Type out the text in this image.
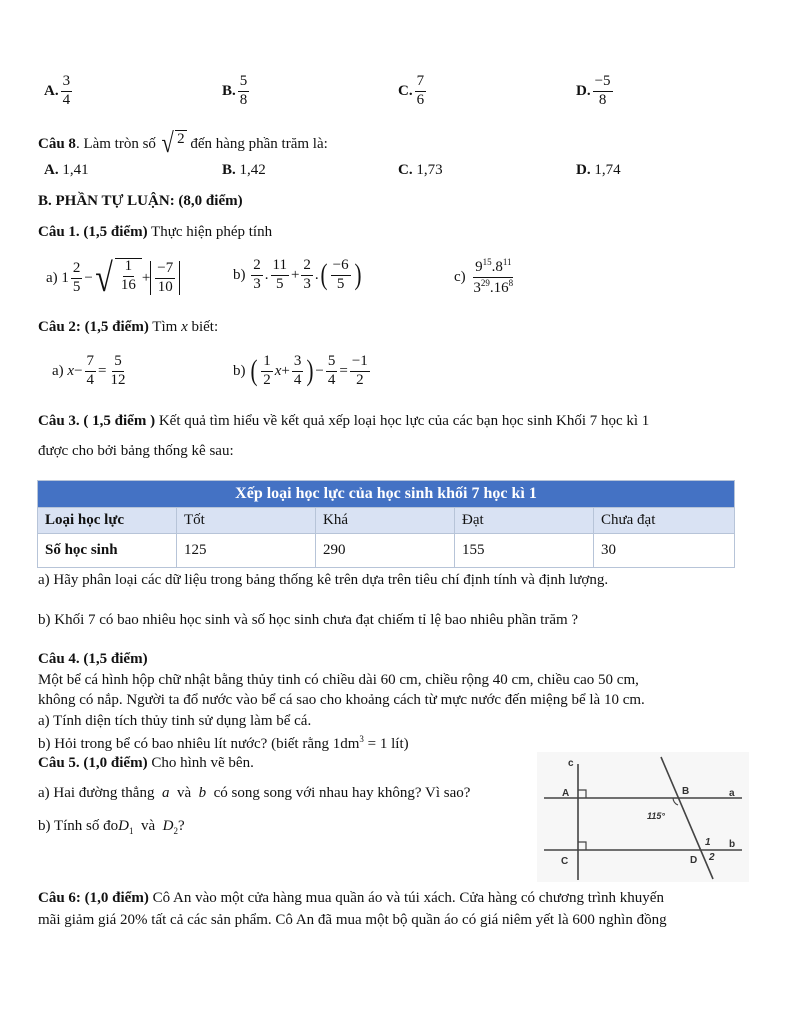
A. $\frac{3}{4}$	B. $\frac{5}{8}$	C. $\frac{7}{6}$	D. $\frac{-5}{8}$
Câu 8 . Làm tròn số
√ 2
đến hàng phần trăm là:
A. 1,41	B. 1,42	C. 1,73	D. 1,74
B. PHẦN TỰ LUẬN: (8,0 điểm)
Câu 1. (1,5 điểm) Thực hiện phép tính
a)
$1 \frac{2}{5}$ − √ $\frac{1}{16} + \frac{-7}{10}$	b)
$\frac{2}{3}$ . $\frac{11}{5} + \frac{2}{3}$ . ( $\frac{-6}{5}$ )	c)
$\frac{9^{15}.8^{11}}{3^{29}.16^8}$
Câu 2: (1,5 điểm) Tìm x biết:
a)
$x - \frac{7}{4} = \frac{5}{12}$	b)
( $\frac{1}{2}$ $x + \frac{3}{4}$ ) − $\frac{5}{4} = \frac{-1}{2}$
Câu 3. ( 1,5 điểm ) Kết quả tìm hiểu về kết quả xếp loại học lực của các bạn học sinh Khối 7 học kì 1
được cho bởi bảng thống kê sau:
Xếp loại học lực của học sinh khối 7 học kì 1				
Loại học lực	Tốt	Khá	Đạt	Chưa đạt
Số học sinh	125	290	155	30
a) Hãy phân loại các dữ liệu trong bảng thống kê trên dựa trên tiêu chí định tính và định lượng.
b) Khối 7 có bao nhiêu học sinh và số học sinh chưa đạt chiếm tỉ lệ bao nhiêu phần trăm ?
Câu 4. (1,5 điểm)
Một bể cá hình hộp chữ nhật bằng thủy tinh có chiều dài 60 cm, chiều rộng 40 cm, chiều cao 50 cm,
không có nắp. Người ta đổ nước vào bể cá sao cho khoảng cách từ mực nước đến miệng bể là 10 cm.
a) Tính diện tích thủy tinh sử dụng làm bể cá.
b) Hỏi trong bể có bao nhiêu lít nước? (biết rằng $1dm^3 = 1$ lít)
Câu 5. (1,0 điểm) Cho hình vẽ bên.
a) Hai đường thẳng a và b có song song với nhau hay không? Vì sao?
b) Tính số đoD$_1$ và $D_2$?
c
A	B	a
115°
1 b
C	D 2
Câu 6: (1,0 điểm) Cô An vào một cửa hàng mua quần áo và túi xách. Cửa hàng có chương trình khuyến
mãi giảm giá 20% tất cả các sản phẩm. Cô An đã mua một bộ quần áo có giá niêm yết là 600 nghìn đồng
